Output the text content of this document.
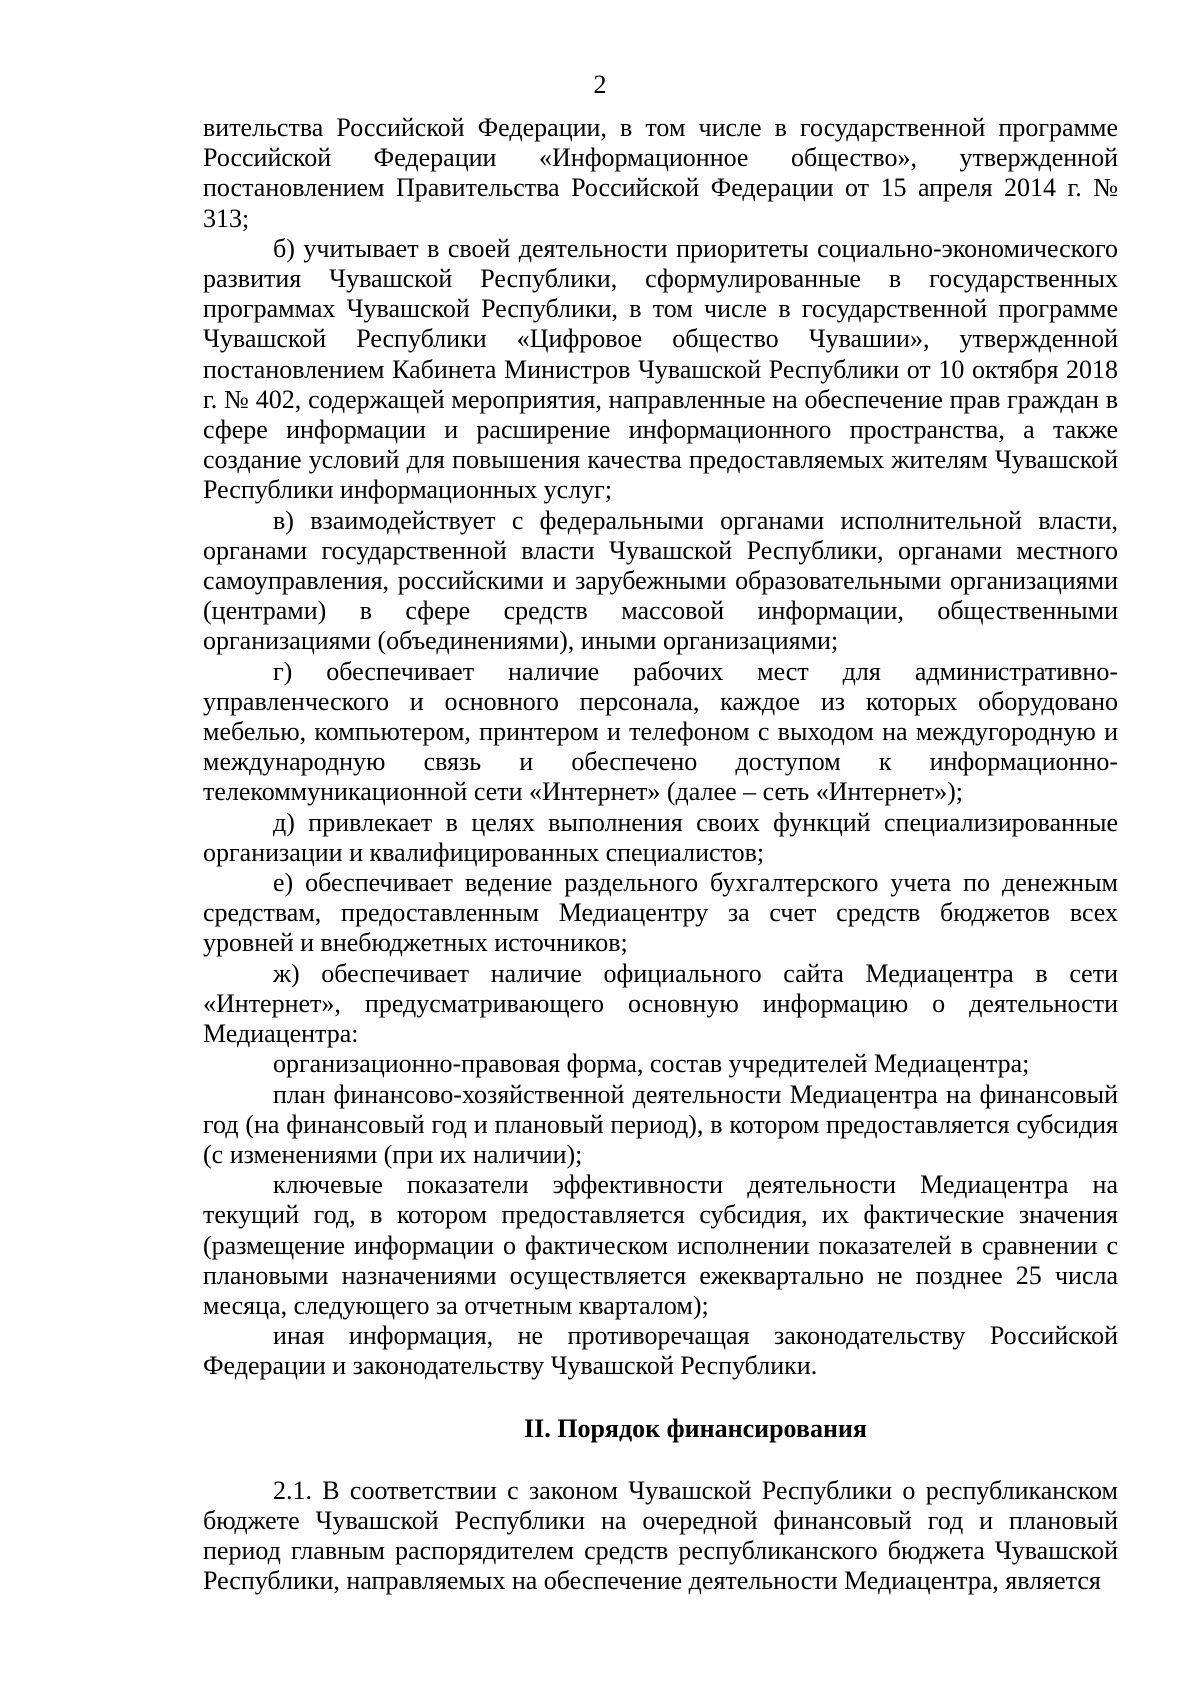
2

вительства Российской Федерации, в том числе в государственной программе Российской Федерации «Информационное общество», утвержденной постановлением Правительства Российской Федерации от 15 апреля 2014 г. № 313;

б) учитывает в своей деятельности приоритеты социально-экономического развития Чувашской Республики, сформулированные в государственных программах Чувашской Республики, в том числе в государственной программе Чувашской Республики «Цифровое общество Чувашии», утвержденной постановлением Кабинета Министров Чувашской Республики от 10 октября 2018 г. № 402, содержащей мероприятия, направленные на обеспечение прав граждан в сфере информации и расширение информационного пространства, а также создание условий для повышения качества предоставляемых жителям Чувашской Республики информационных услуг;

в) взаимодействует с федеральными органами исполнительной власти, органами государственной власти Чувашской Республики, органами местного самоуправления, российскими и зарубежными образовательными организациями (центрами) в сфере средств массовой информации, общественными организациями (объединениями), иными организациями;

г) обеспечивает наличие рабочих мест для административно-управленческого и основного персонала, каждое из которых оборудовано мебелью, компьютером, принтером и телефоном с выходом на междугородную и международную связь и обеспечено доступом к информационно-телекоммуникационной сети «Интернет» (далее – сеть «Интернет»);

д) привлекает в целях выполнения своих функций специализированные организации и квалифицированных специалистов;

е) обеспечивает ведение раздельного бухгалтерского учета по денежным средствам, предоставленным Медиацентру за счет средств бюджетов всех уровней и внебюджетных источников;

ж) обеспечивает наличие официального сайта Медиацентра в сети «Интернет», предусматривающего основную информацию о деятельности Медиацентра:

организационно-правовая форма, состав учредителей Медиацентра;

план финансово-хозяйственной деятельности Медиацентра на финансовый год (на финансовый год и плановый период), в котором предоставляется субсидия (с изменениями (при их наличии);

ключевые показатели эффективности деятельности Медиацентра на текущий год, в котором предоставляется субсидия, их фактические значения (размещение информации о фактическом исполнении показателей в сравнении с плановыми назначениями осуществляется ежеквартально не позднее 25 числа месяца, следующего за отчетным кварталом);

иная информация, не противоречащая законодательству Российской Федерации и законодательству Чувашской Республики.

II. Порядок финансирования

2.1. В соответствии с законом Чувашской Республики о республиканском бюджете Чувашской Республики на очередной финансовый год и плановый период главным распорядителем средств республиканского бюджета Чувашской Республики, направляемых на обеспечение деятельности Медиацентра, является
